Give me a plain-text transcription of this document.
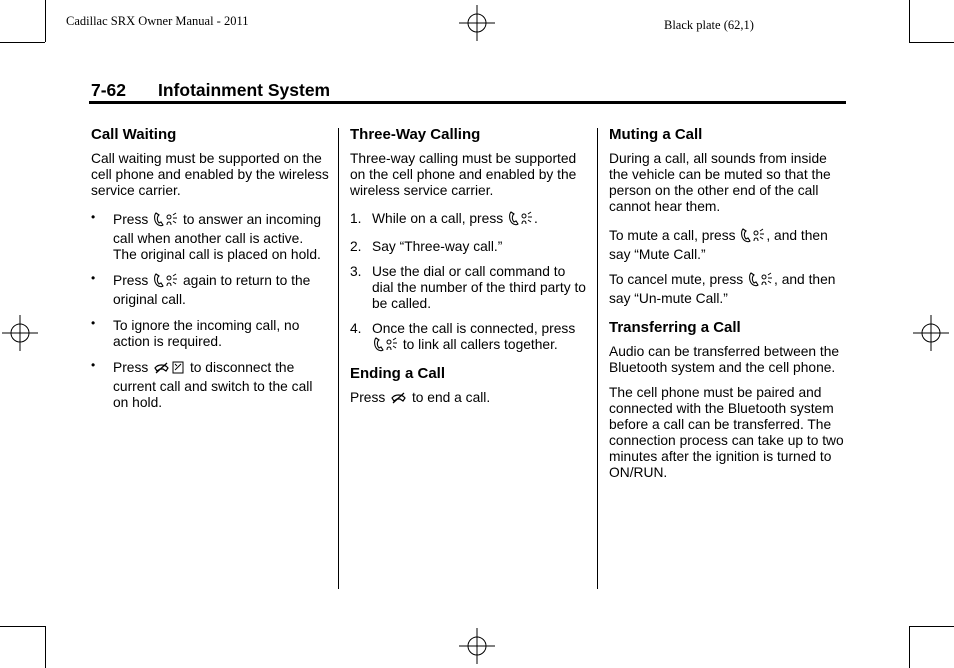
Cadillac SRX Owner Manual - 2011	Black plate (62,1)
7-62 Infotainment System
Call Waiting

Call waiting must be supported on the cell phone and enabled by the wireless service carrier.

• Press	to answer an incoming call when another call is active. The original call is placed on hold.
• Press	again to return to the original call.
• To ignore the incoming call, no action is required.
• Press	to disconnect the current call and switch to the call on hold.
Three-Way Calling

Three-way calling must be supported on the cell phone and enabled by the wireless service carrier.

1. While on a call, press .
2. Say “Three-way call.”
3. Use the dial or call command to dial the number of the third party to be called.
4. Once the call is connected, press  to link all callers together.
Ending a Call

Press to end a call.

Muting a Call

During a call, all sounds from inside the vehicle can be muted so that the person on the other end of the call cannot hear them.

To mute a call, press , and then say “Mute Call.”

To cancel mute, press , and then say “Un-mute Call.”

Transferring a Call

Audio can be transferred between the Bluetooth system and the cell phone.

The cell phone must be paired and connected with the Bluetooth system before a call can be transferred. The connection process can take up to two minutes after the ignition is turned to ON/RUN.
